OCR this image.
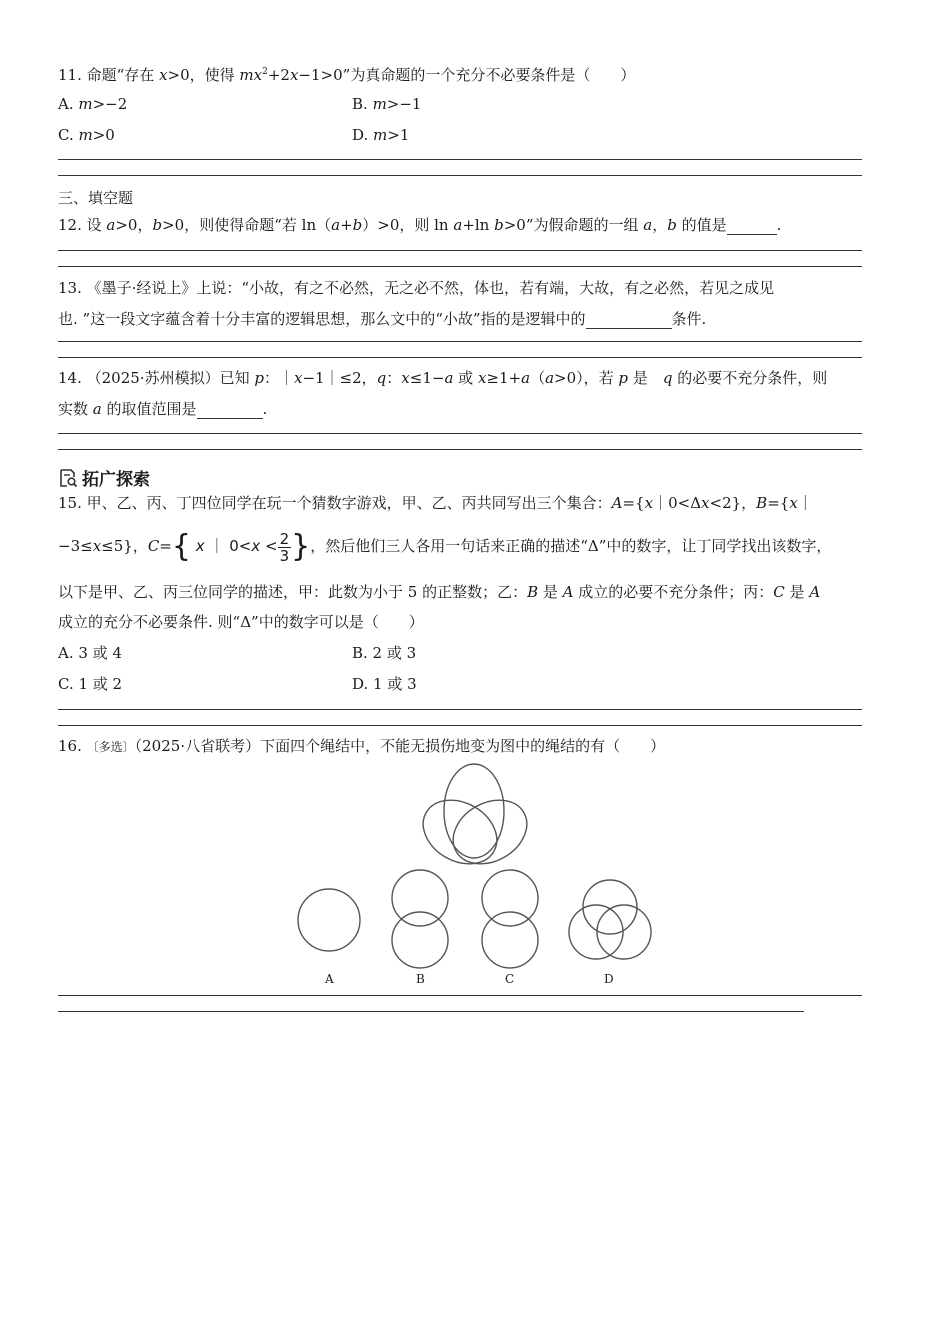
11. 命题“存在 x>0，使得 $mx^2+2x-1>0$”为真命题的一个充分不必要条件是（　　）
A. m>−2	B. m>−1
C. m>0	D. m>1
三、填空题
12. 设 a>0，b>0，则使得命题“若 ln（a+b）>0，则 ln a+ln b>0”为假命题的一组 a，b 的值是	.
13. 《墨子·经说上》上说：“小故，有之不必然，无之必不然，体也，若有端，大故，有之必然，若见之成见
也. ”这一段文字蕴含着十分丰富的逻辑思想，那么文中的“小故”指的是逻辑中的	条件.
14. （2025·苏州模拟）已知 p：｜x−1｜≤2，q：x≤1−a 或 x≥1+a（a>0），若 p 是　q 的必要不充分条件，则
实数 a 的取值范围是	.
拓广探索
15. 甲、乙、丙、丁四位同学在玩一个猜数字游戏，甲、乙、丙共同写出三个集合：A={x｜0<Δx<2}，B={x｜
−3≤x≤5}，C={ x ｜ $0<x < \frac{2}{3}$ }，然后他们三人各用一句话来正确的描述“Δ”中的数字，让丁同学找出该数字，
以下是甲、乙、丙三位同学的描述，甲：此数为小于 5 的正整数；乙：B 是 A 成立的必要不充分条件；丙：C 是 A
成立的充分不必要条件. 则“Δ”中的数字可以是（　　）
A. 3 或 4	B. 2 或 3
C. 1 或 2	D. 1 或 3
16. 〔多选〕（2025·八省联考）下面四个绳结中，不能无损伤地变为图中的绳结的有（　　）
A	B	C	D
